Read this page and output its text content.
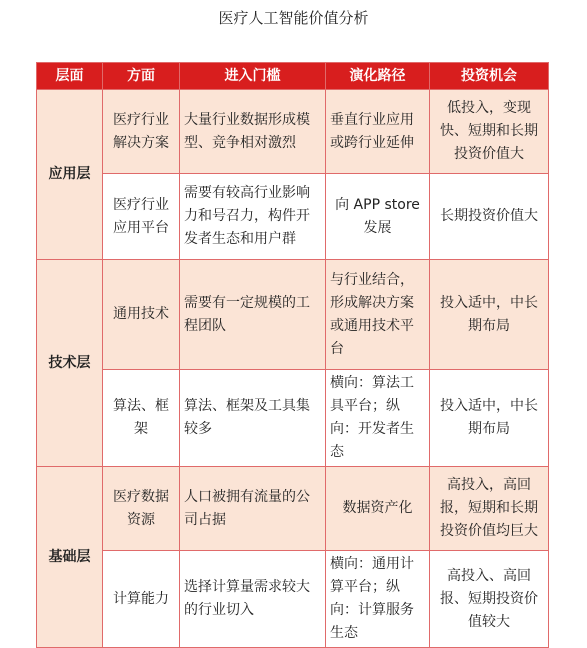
医疗人工智能价值分析
层面	方面	进入门槛	演化路径	投资机会
应用层	医疗行业解决方案	大量行业数据形成模型、竞争相对激烈	垂直行业应用或跨行业延伸	低投入，变现快、短期和长期投资价值大
	医疗行业应用平台	需要有较高行业影响力和号召力，构件开发者生态和用户群	向 APP store 发展	长期投资价值大
技术层	通用技术	需要有一定规模的工程团队	与行业结合，形成解决方案或通用技术平台	投入适中，中长期布局
	算法、框架	算法、框架及工具集较多	横向：算法工具平台；纵向：开发者生态	投入适中，中长期布局
基础层	医疗数据资源	人口被拥有流量的公司占据	数据资产化	高投入，高回报，短期和长期投资价值均巨大
	计算能力	选择计算量需求较大的行业切入	横向：通用计算平台；纵向：计算服务生态	高投入、高回报、短期投资价值较大
